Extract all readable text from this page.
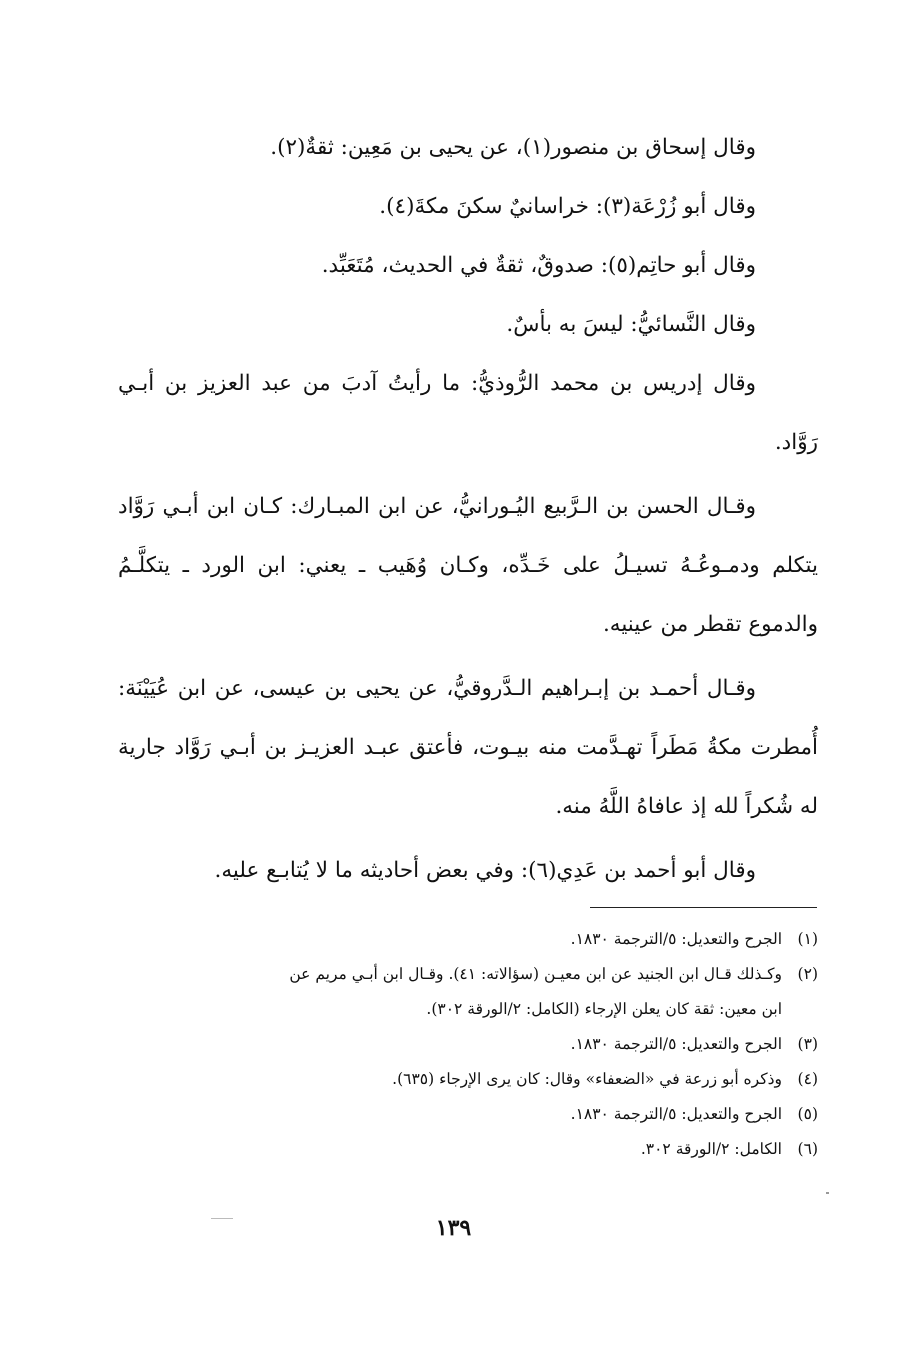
وقال إسحاق بن منصور(١)، عن يحيى بن مَعِين: ثقةٌ(٢).

وقال أبو زُرْعَة(٣): خراسانيٌ سكنَ مكةَ(٤).

وقال أبو حاتِم(٥): صدوقٌ، ثقةٌ في الحديث، مُتَعَبِّد.

وقال النَّسائيُّ: ليسَ به بأسٌ.

وقال إدريس بن محمد الرُّوذيُّ: ما رأيتُ آدبَ من عبد العزيز بن أبـي رَوَّاد.

وقـال الحسن بن الـرَّبيع اليُـورانيُّ، عن ابن المبـارك: كـان ابن أبـي رَوَّاد يتكلم ودمـوعُـهُ تسيـلُ على خَـدِّه، وكـان وُهَيب ـ يعني: ابن الورد ـ يتكلَّـمُ والدموع تقطر من عينيه.

وقـال أحمـد بن إبـراهيم الـدَّروقيُّ، عن يحيى بن عيسى، عن ابن عُيَيْنَة: أُمطرت مكةُ مَطَراً تهـدَّمت منه بيـوت، فأعتق عبـد العزيـز بن أبـي رَوَّاد جارية له شُكراً لله إذ عافاهُ اللَّهُ منه.

وقال أبو أحمد بن عَدِي(٦): وفي بعض أحاديثه ما لا يُتابـع عليه.

(١)الجرح والتعديل: ٥/الترجمة ١٨٣٠.

(٢)وكـذلك قـال ابن الجنيد عن ابن معيـن (سؤالاته: ٤١). وقـال ابن أبـي مريم عن

ابن معين: ثقة كان يعلن الإرجاء (الكامل: ٢/الورقة ٣٠٢).

(٣)الجرح والتعديل: ٥/الترجمة ١٨٣٠.

(٤)وذكره أبو زرعة في «الضعفاء» وقال: كان يرى الإرجاء (٦٣٥).

(٥)الجرح والتعديل: ٥/الترجمة ١٨٣٠.

(٦)الكامل: ٢/الورقة ٣٠٢.

١٣٩
